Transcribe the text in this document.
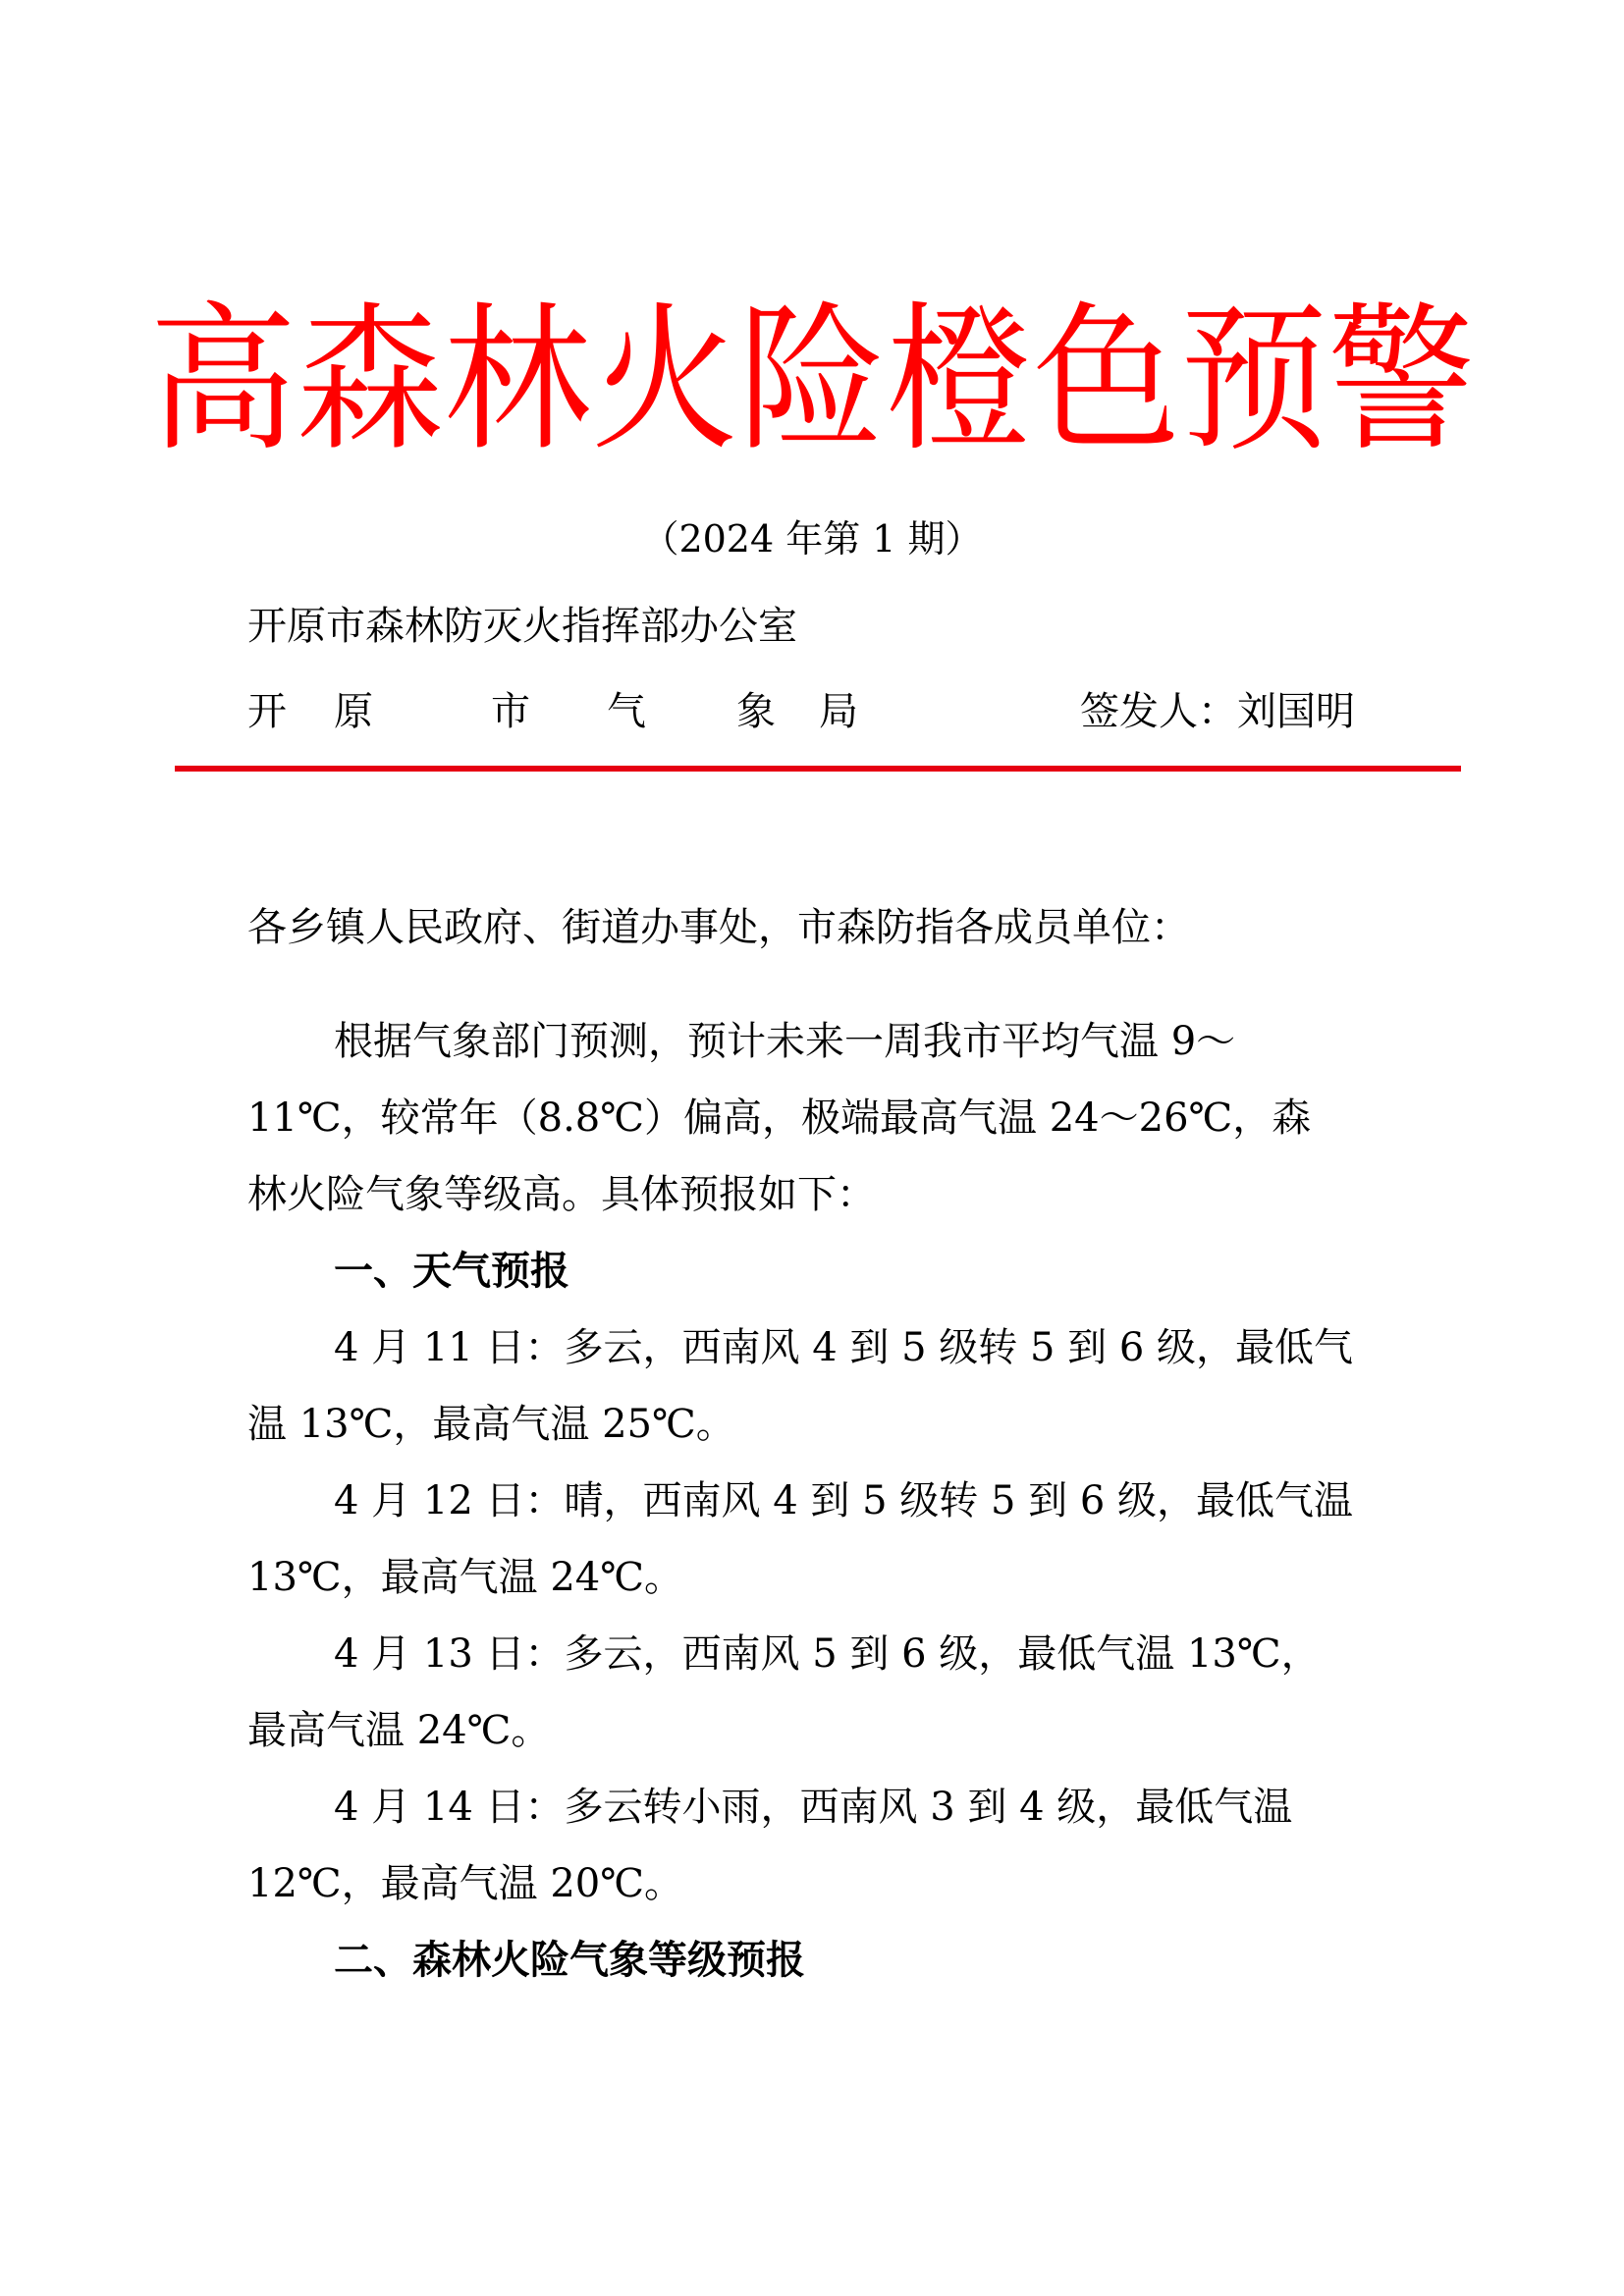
高森林火险橙色预警
（2024 年第 1 期）
开原市森林防灭火指挥部办公室
开 原	市 气 象 局	签发人：刘国明
各乡镇人民政府、街道办事处，市森防指各成员单位：
根据气象部门预测，预计未来一周我市平均气温 9～
11℃，较常年（8.8℃）偏高，极端最高气温 24～26℃，森
林火险气象等级高。具体预报如下：
一、天气预报
4 月 11 日：多云，西南风 4 到 5 级转 5 到 6 级，最低气
温 13℃，最高气温 25℃。
4 月 12 日：晴，西南风 4 到 5 级转 5 到 6 级，最低气温
13℃，最高气温 24℃。
4 月 13 日：多云，西南风 5 到 6 级，最低气温 13℃，
最高气温 24℃。
4 月 14 日：多云转小雨，西南风 3 到 4 级，最低气温
12℃，最高气温 20℃。
二、森林火险气象等级预报
